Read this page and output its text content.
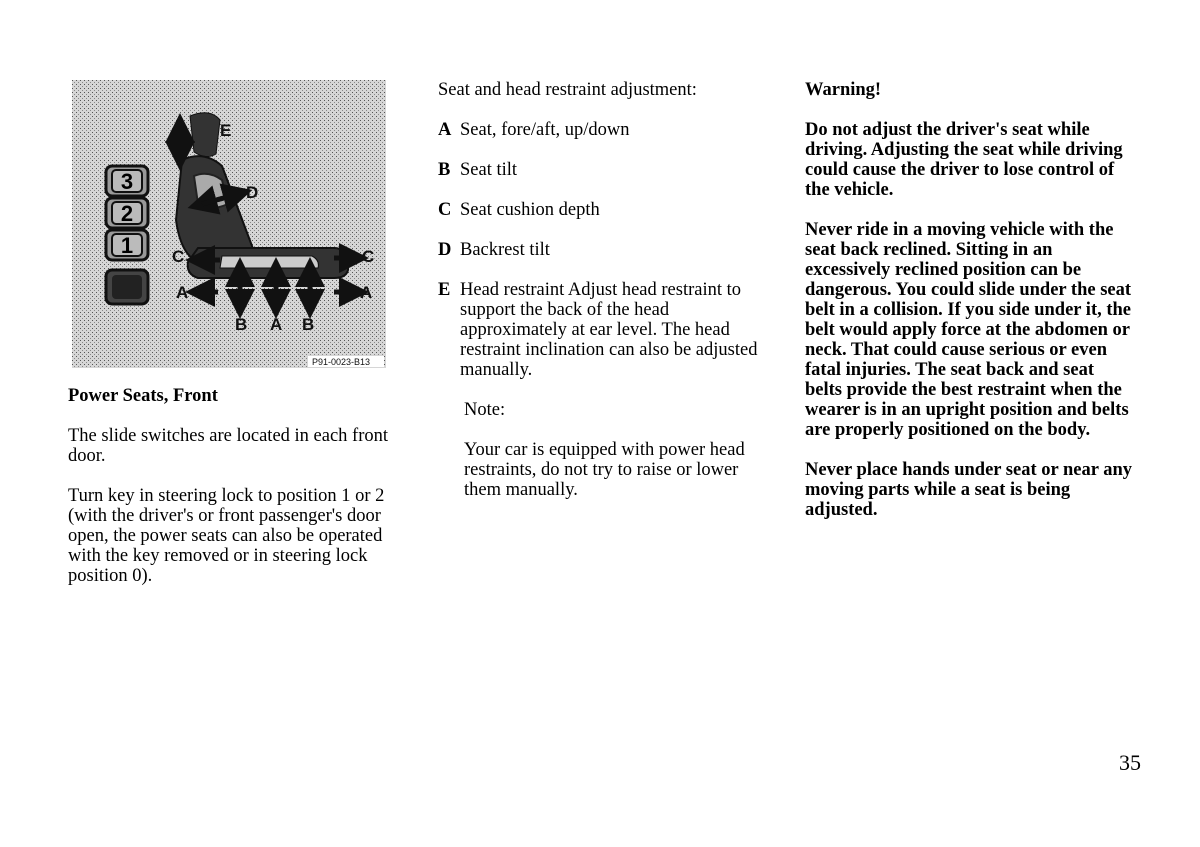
3
2
1
E
D
C	C
A	A
B A B
P91-0023-B13

Power Seats, Front

The slide switches are located in each front door.

Turn key in steering lock to position 1 or 2 (with the driver's or front passenger's door open, the power seats can also be operated with the key removed or in steering lock position 0).

Seat and head restraint adjustment:

A Seat, fore/aft, up/down
B Seat tilt
C Seat cushion depth
D Backrest tilt
E Head restraint Adjust head restraint to support the back of the head approximately at ear level. The head restraint inclination can also be adjusted manually.

Note:

Your car is equipped with power head restraints, do not try to raise or lower them manually.

Warning!

Do not adjust the driver's seat while driving. Adjusting the seat while driving could cause the driver to lose control of the vehicle.

Never ride in a moving vehicle with the seat back reclined. Sitting in an excessively reclined position can be dangerous. You could slide under the seat belt in a collision. If you side under it, the belt would apply force at the abdomen or neck. That could cause serious or even fatal injuries. The seat back and seat belts provide the best restraint when the wearer is in an upright position and belts are properly positioned on the body.

Never place hands under seat or near any moving parts while a seat is being adjusted.

35
